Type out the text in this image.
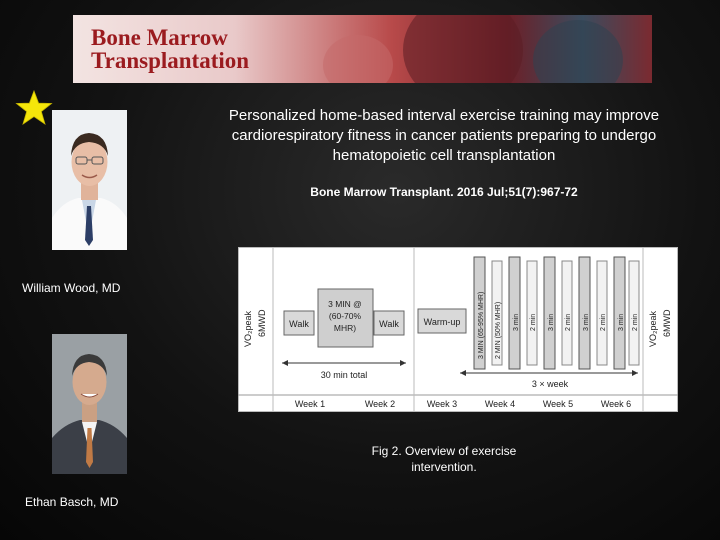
Bone Marrow
Transplantation
William Wood, MD
Ethan Basch, MD
Personalized home-based interval exercise training may improve cardiorespiratory fitness in cancer patients preparing to undergo hematopoietic cell transplantation
Bone Marrow Transplant. 2016 Jul;51(7):967-72
VO₂peak 6MWD Walk
3 MIN @
(60-70%
MHR)	Walk
30 min total
Warm-up	3 MIN (65-95% MHR) 2 MIN (50% MHR) 3 min 2 min 3 min 2 min 3 min 2 min 3 min 2 min
3 × week
VO₂peak 6MWD
Week 1	Week 2	Week 3	Week 4	Week 5	Week 6
Fig 2. Overview of exercise intervention.
